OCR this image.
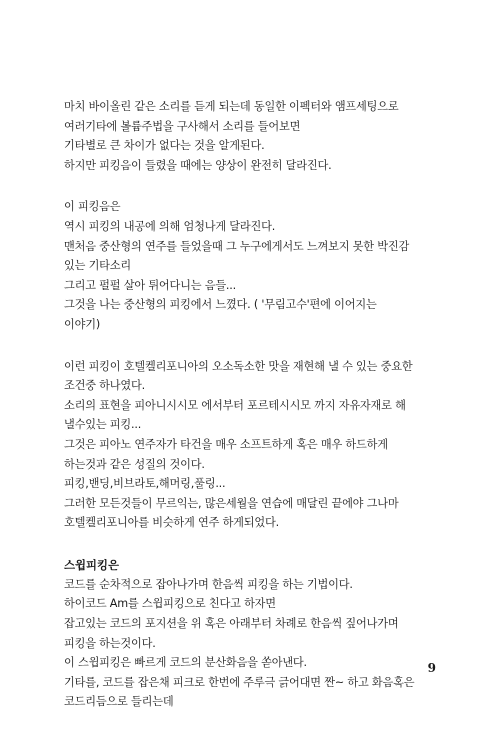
마치 바이올린 같은 소리를 듣게 되는데 동일한 이펙터와 앰프세팅으로
여러기타에 볼륨주법을 구사해서 소리를 들어보면
기타별로 큰 차이가 없다는 것을 알게된다.
하지만 피킹음이 들렸을 때에는 양상이 완전히 달라진다.
이 피킹음은
역시 피킹의 내공에 의해 엄청나게 달라진다.
맨처음 중산형의 연주를 들었을때 그 누구에게서도 느껴보지 못한 박진감
있는 기타소리
그리고 펄펄 살아 튀어다니는 음들...
그것을 나는 중산형의 피킹에서 느꼈다. ( '무림고수'편에 이어지는
이야기)
이런 피킹이 호텔켈리포니아의 오소독소한 맛을 재현해 낼 수 있는 중요한
조건중 하나였다.
소리의 표현을 피아니시시모 에서부터 포르테시시모 까지 자유자재로 해
낼수있는 피킹...
그것은 피아노 연주자가 타건을 매우 소프트하게 혹은 매우 하드하게
하는것과 같은 성질의 것이다.
피킹,밴딩,비브라토,해머링,풀링...
그러한 모든것들이 무르익는, 많은세월을 연습에 매달린 끝에야 그나마
호텔켈리포니아를 비슷하게 연주 하게되었다.
스윕피킹은
코드를 순차적으로 잡아나가며 한음씩 피킹을 하는 기법이다.
하이코드 Am를 스윕피킹으로 친다고 하자면
잡고있는 코드의 포지션을 위 혹은 아래부터 차례로 한음씩 짚어나가며
피킹을 하는것이다.
이 스윕피킹은 빠르게 코드의 분산화음을 쏟아낸다.
기타를, 코드를 잡은채 피크로 한번에 주루극 긁어대면 짠~ 하고 화음혹은
코드리듬으로 들리는데
9
